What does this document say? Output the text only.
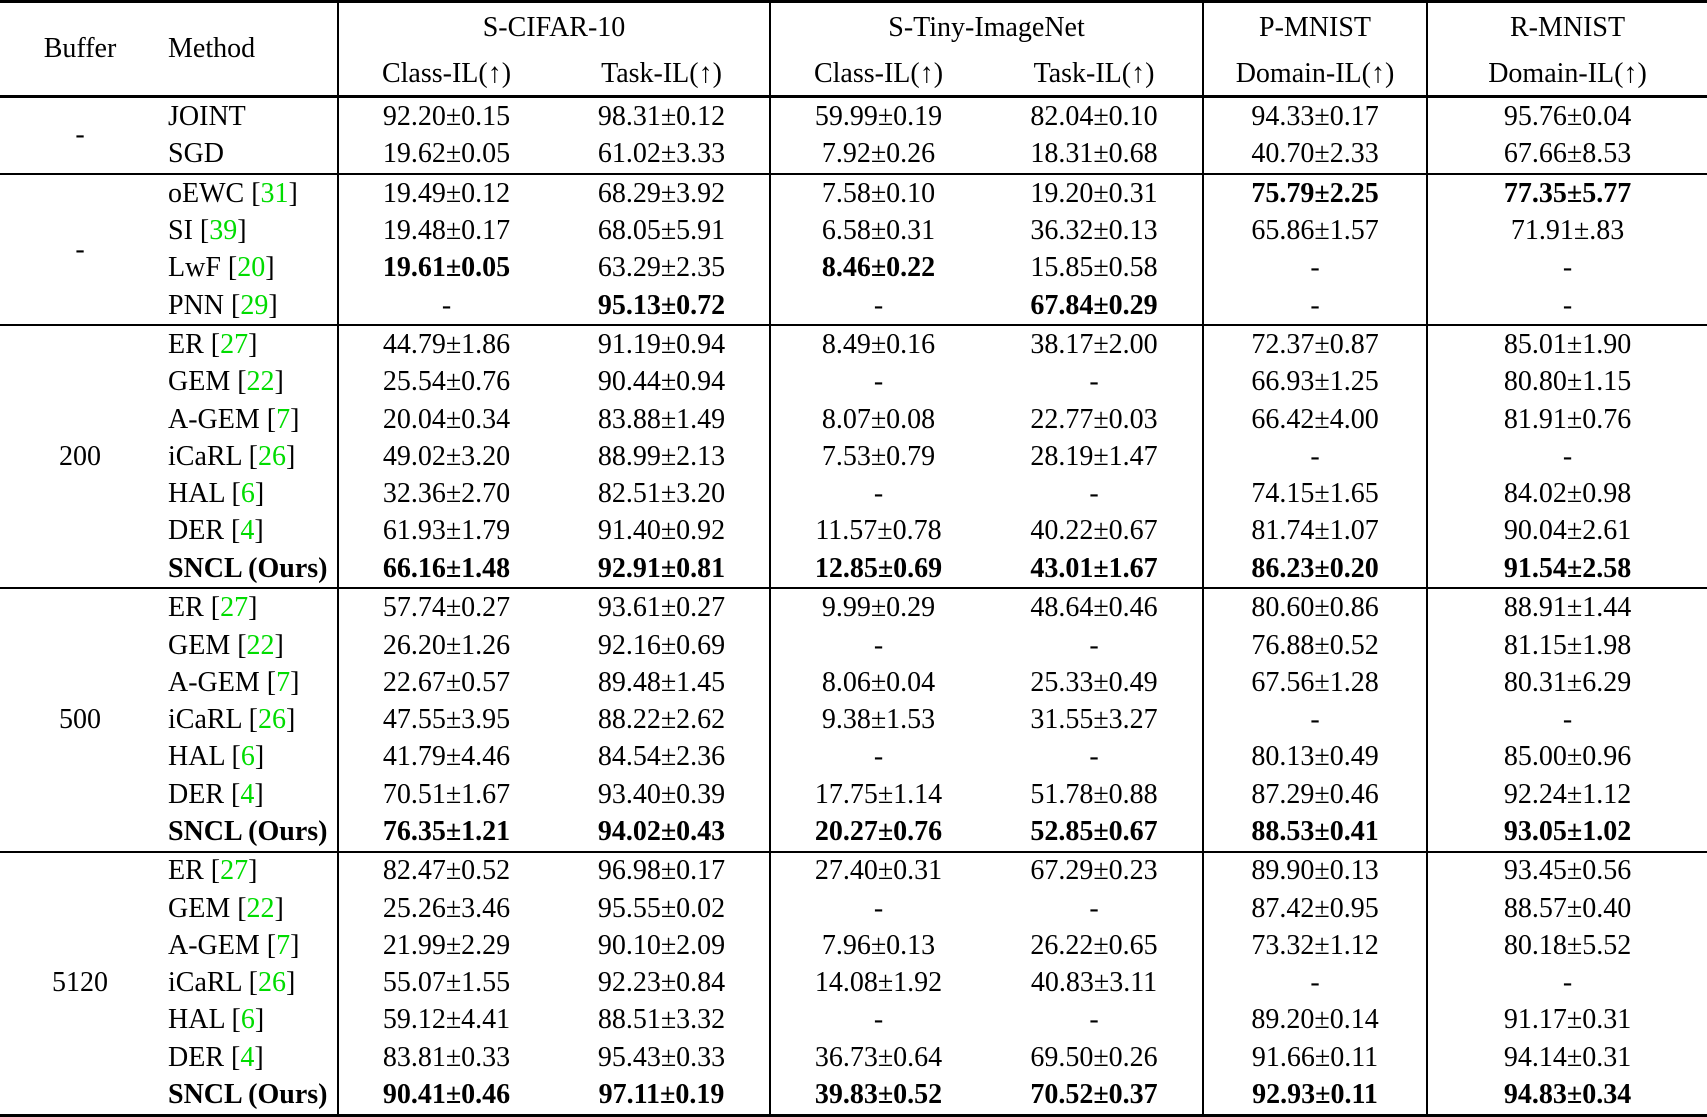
Buffer	Method	S-CIFAR-10		S-Tiny-ImageNet		P-MNIST	R-MNIST
		Class-IL(↑)	Task-IL(↑)	Class-IL(↑)	Task-IL(↑)	Domain-IL(↑)	Domain-IL(↑)
-	JOINT	92.20±0.15	98.31±0.12	59.99±0.19	82.04±0.10	94.33±0.17	95.76±0.04
	SGD	19.62±0.05	61.02±3.33	7.92±0.26	18.31±0.68	40.70±2.33	67.66±8.53
-	oEWC [31]	19.49±0.12	68.29±3.92	7.58±0.10	19.20±0.31	75.79±2.25	77.35±5.77
	SI [39]	19.48±0.17	68.05±5.91	6.58±0.31	36.32±0.13	65.86±1.57	71.91±.83
	LwF [20]	19.61±0.05	63.29±2.35	8.46±0.22	15.85±0.58	-	-
	PNN [29]	-	95.13±0.72	-	67.84±0.29	-	-
200	ER [27]	44.79±1.86	91.19±0.94	8.49±0.16	38.17±2.00	72.37±0.87	85.01±1.90
	GEM [22]	25.54±0.76	90.44±0.94	-	-	66.93±1.25	80.80±1.15
	A-GEM [7]	20.04±0.34	83.88±1.49	8.07±0.08	22.77±0.03	66.42±4.00	81.91±0.76
	iCaRL [26]	49.02±3.20	88.99±2.13	7.53±0.79	28.19±1.47	-	-
	HAL [6]	32.36±2.70	82.51±3.20	-	-	74.15±1.65	84.02±0.98
	DER [4]	61.93±1.79	91.40±0.92	11.57±0.78	40.22±0.67	81.74±1.07	90.04±2.61
	SNCL (Ours)	66.16±1.48	92.91±0.81	12.85±0.69	43.01±1.67	86.23±0.20	91.54±2.58
500	ER [27]	57.74±0.27	93.61±0.27	9.99±0.29	48.64±0.46	80.60±0.86	88.91±1.44
	GEM [22]	26.20±1.26	92.16±0.69	-	-	76.88±0.52	81.15±1.98
	A-GEM [7]	22.67±0.57	89.48±1.45	8.06±0.04	25.33±0.49	67.56±1.28	80.31±6.29
	iCaRL [26]	47.55±3.95	88.22±2.62	9.38±1.53	31.55±3.27	-	-
	HAL [6]	41.79±4.46	84.54±2.36	-	-	80.13±0.49	85.00±0.96
	DER [4]	70.51±1.67	93.40±0.39	17.75±1.14	51.78±0.88	87.29±0.46	92.24±1.12
	SNCL (Ours)	76.35±1.21	94.02±0.43	20.27±0.76	52.85±0.67	88.53±0.41	93.05±1.02
5120	ER [27]	82.47±0.52	96.98±0.17	27.40±0.31	67.29±0.23	89.90±0.13	93.45±0.56
	GEM [22]	25.26±3.46	95.55±0.02	-	-	87.42±0.95	88.57±0.40
	A-GEM [7]	21.99±2.29	90.10±2.09	7.96±0.13	26.22±0.65	73.32±1.12	80.18±5.52
	iCaRL [26]	55.07±1.55	92.23±0.84	14.08±1.92	40.83±3.11	-	-
	HAL [6]	59.12±4.41	88.51±3.32	-	-	89.20±0.14	91.17±0.31
	DER [4]	83.81±0.33	95.43±0.33	36.73±0.64	69.50±0.26	91.66±0.11	94.14±0.31
	SNCL (Ours)	90.41±0.46	97.11±0.19	39.83±0.52	70.52±0.37	92.93±0.11	94.83±0.34
